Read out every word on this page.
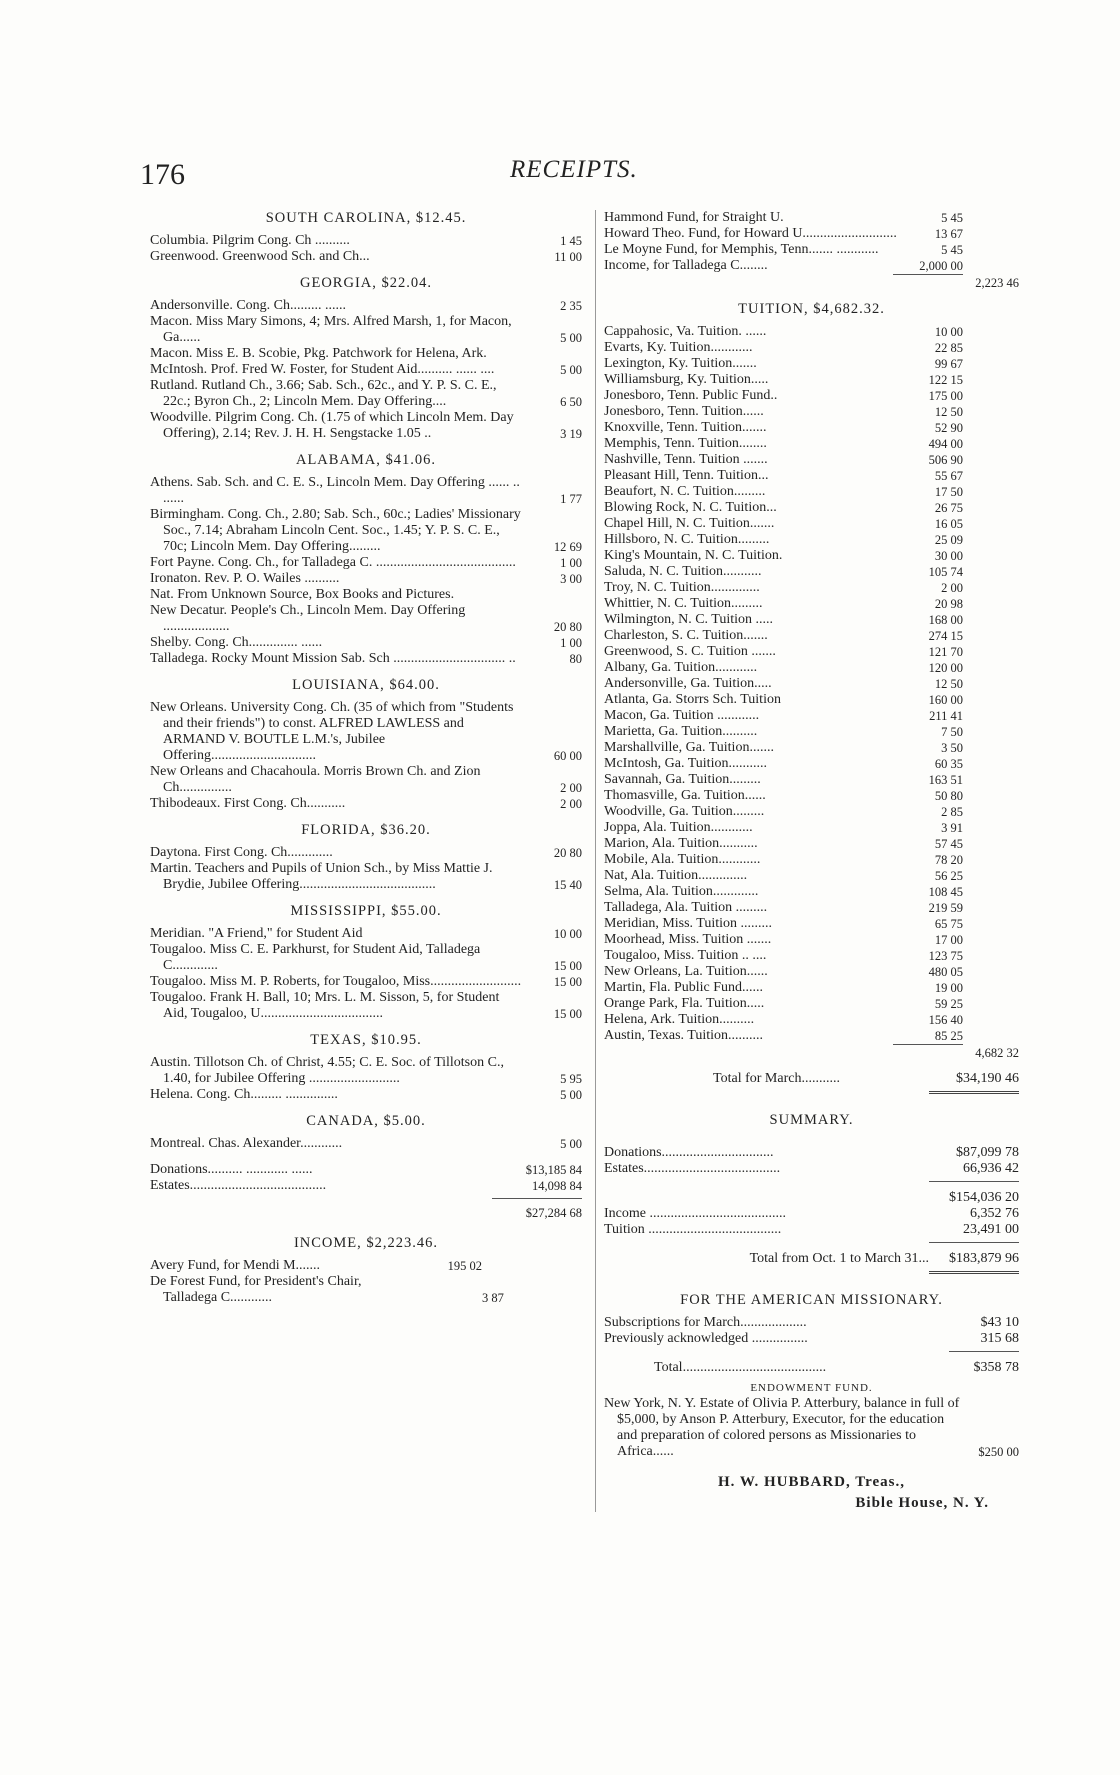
176	RECEIPTS.
SOUTH CAROLINA, $12.45.
Columbia. Pilgrim Cong. Ch ..........	1 45
Greenwood. Greenwood Sch. and Ch...	11 00
GEORGIA, $22.04.
Andersonville. Cong. Ch......... ......	2 35
Macon. Miss Mary Simons, 4; Mrs. Alfred Marsh, 1, for Macon, Ga......	5 00
Macon. Miss E. B. Scobie, Pkg. Patchwork for Helena, Ark.
McIntosh. Prof. Fred W. Foster, for Student Aid.......... ...... ....	5 00
Rutland. Rutland Ch., 3.66; Sab. Sch., 62c., and Y. P. S. C. E., 22c.; Byron Ch., 2; Lincoln Mem. Day Offering....	6 50
Woodville. Pilgrim Cong. Ch. (1.75 of which Lincoln Mem. Day Offering), 2.14; Rev. J. H. H. Sengstacke 1.05 ..	3 19
ALABAMA, $41.06.
Athens. Sab. Sch. and C. E. S., Lincoln Mem. Day Offering ...... .. ......	1 77
Birmingham. Cong. Ch., 2.80; Sab. Sch., 60c.; Ladies' Missionary Soc., 7.14; Abraham Lincoln Cent. Soc., 1.45; Y. P. S. C. E., 70c; Lincoln Mem. Day Offering.........	12 69
Fort Payne. Cong. Ch., for Talladega C. ........................................	1 00
Ironaton. Rev. P. O. Wailes ..........	3 00
Nat. From Unknown Source, Box Books and Pictures.
New Decatur. People's Ch., Lincoln Mem. Day Offering ...................	20 80
Shelby. Cong. Ch.............. ......	1 00
Talladega. Rocky Mount Mission Sab. Sch ................................ ..	80
LOUISIANA, $64.00.
New Orleans. University Cong. Ch. (35 of which from "Students and their friends") to const. ALFRED LAWLESS and ARMAND V. BOUTLE L.M.'s, Jubilee Offering..............................	60 00
New Orleans and Chacahoula. Morris Brown Ch. and Zion Ch...............	2 00
Thibodeaux. First Cong. Ch...........	2 00
FLORIDA, $36.20.
Daytona. First Cong. Ch.............	20 80
Martin. Teachers and Pupils of Union Sch., by Miss Mattie J. Brydie, Jubilee Offering.......................................	15 40
MISSISSIPPI, $55.00.
Meridian. "A Friend," for Student Aid	10 00
Tougaloo. Miss C. E. Parkhurst, for Student Aid, Talladega C.............	15 00
Tougaloo. Miss M. P. Roberts, for Tougaloo, Miss..........................	15 00
Tougaloo. Frank H. Ball, 10; Mrs. L. M. Sisson, 5, for Student Aid, Tougaloo, U...................................	15 00
TEXAS, $10.95.
Austin. Tillotson Ch. of Christ, 4.55; C. E. Soc. of Tillotson C., 1.40, for Jubilee Offering ..........................	5 95
Helena. Cong. Ch......... ...............	5 00
CANADA, $5.00.
Montreal. Chas. Alexander............	5 00
Donations.......... ............ ......	$13,185 84
Estates.......................................	14,098 84
$27,284 68
INCOME, $2,223.46.
Avery Fund, for Mendi M.......	195 02
De Forest Fund, for President's Chair, Talladega C............	3 87
Hammond Fund, for Straight U.	5 45
Howard Theo. Fund, for Howard U...........................	13 67
Le Moyne Fund, for Memphis, Tenn....... ............	5 45
Income, for Talladega C........	2,000 00
2,223 46
TUITION, $4,682.32.
Cappahosic, Va. Tuition. ......	10 00
Evarts, Ky. Tuition............	22 85
Lexington, Ky. Tuition.......	99 67
Williamsburg, Ky. Tuition.....	122 15
Jonesboro, Tenn. Public Fund..	175 00
Jonesboro, Tenn. Tuition......	12 50
Knoxville, Tenn. Tuition.......	52 90
Memphis, Tenn. Tuition........	494 00
Nashville, Tenn. Tuition .......	506 90
Pleasant Hill, Tenn. Tuition...	55 67
Beaufort, N. C. Tuition.........	17 50
Blowing Rock, N. C. Tuition...	26 75
Chapel Hill, N. C. Tuition.......	16 05
Hillsboro, N. C. Tuition.........	25 09
King's Mountain, N. C. Tuition.	30 00
Saluda, N. C. Tuition...........	105 74
Troy, N. C. Tuition..............	2 00
Whittier, N. C. Tuition.........	20 98
Wilmington, N. C. Tuition .....	168 00
Charleston, S. C. Tuition.......	274 15
Greenwood, S. C. Tuition .......	121 70
Albany, Ga. Tuition............	120 00
Andersonville, Ga. Tuition.....	12 50
Atlanta, Ga. Storrs Sch. Tuition	160 00
Macon, Ga. Tuition ............	211 41
Marietta, Ga. Tuition..........	7 50
Marshallville, Ga. Tuition.......	3 50
McIntosh, Ga. Tuition...........	60 35
Savannah, Ga. Tuition.........	163 51
Thomasville, Ga. Tuition......	50 80
Woodville, Ga. Tuition.........	2 85
Joppa, Ala. Tuition............	3 91
Marion, Ala. Tuition...........	57 45
Mobile, Ala. Tuition............	78 20
Nat, Ala. Tuition..............	56 25
Selma, Ala. Tuition.............	108 45
Talladega, Ala. Tuition .........	219 59
Meridian, Miss. Tuition .........	65 75
Moorhead, Miss. Tuition .......	17 00
Tougaloo, Miss. Tuition .. ....	123 75
New Orleans, La. Tuition......	480 05
Martin, Fla. Public Fund......	19 00
Orange Park, Fla. Tuition.....	59 25
Helena, Ark. Tuition..........	156 40
Austin, Texas. Tuition..........	85 25
4,682 32
Total for March...........	$34,190 46
SUMMARY.
Donations................................	$87,099 78
Estates.......................................	66,936 42
$154,036 20
Income .......................................	6,352 76
Tuition ......................................	23,491 00
Total from Oct. 1 to March 31...	$183,879 96
FOR THE AMERICAN MISSIONARY.
Subscriptions for March...................	$43 10
Previously acknowledged ................	315 68
Total.........................................	$358 78
ENDOWMENT FUND.
New York, N. Y. Estate of Olivia P. Atterbury, balance in full of $5,000, by Anson P. Atterbury, Executor, for the education and preparation of colored persons as Missionaries to Africa......	$250 00
H. W. HUBBARD, Treas.,
Bible House, N. Y.
